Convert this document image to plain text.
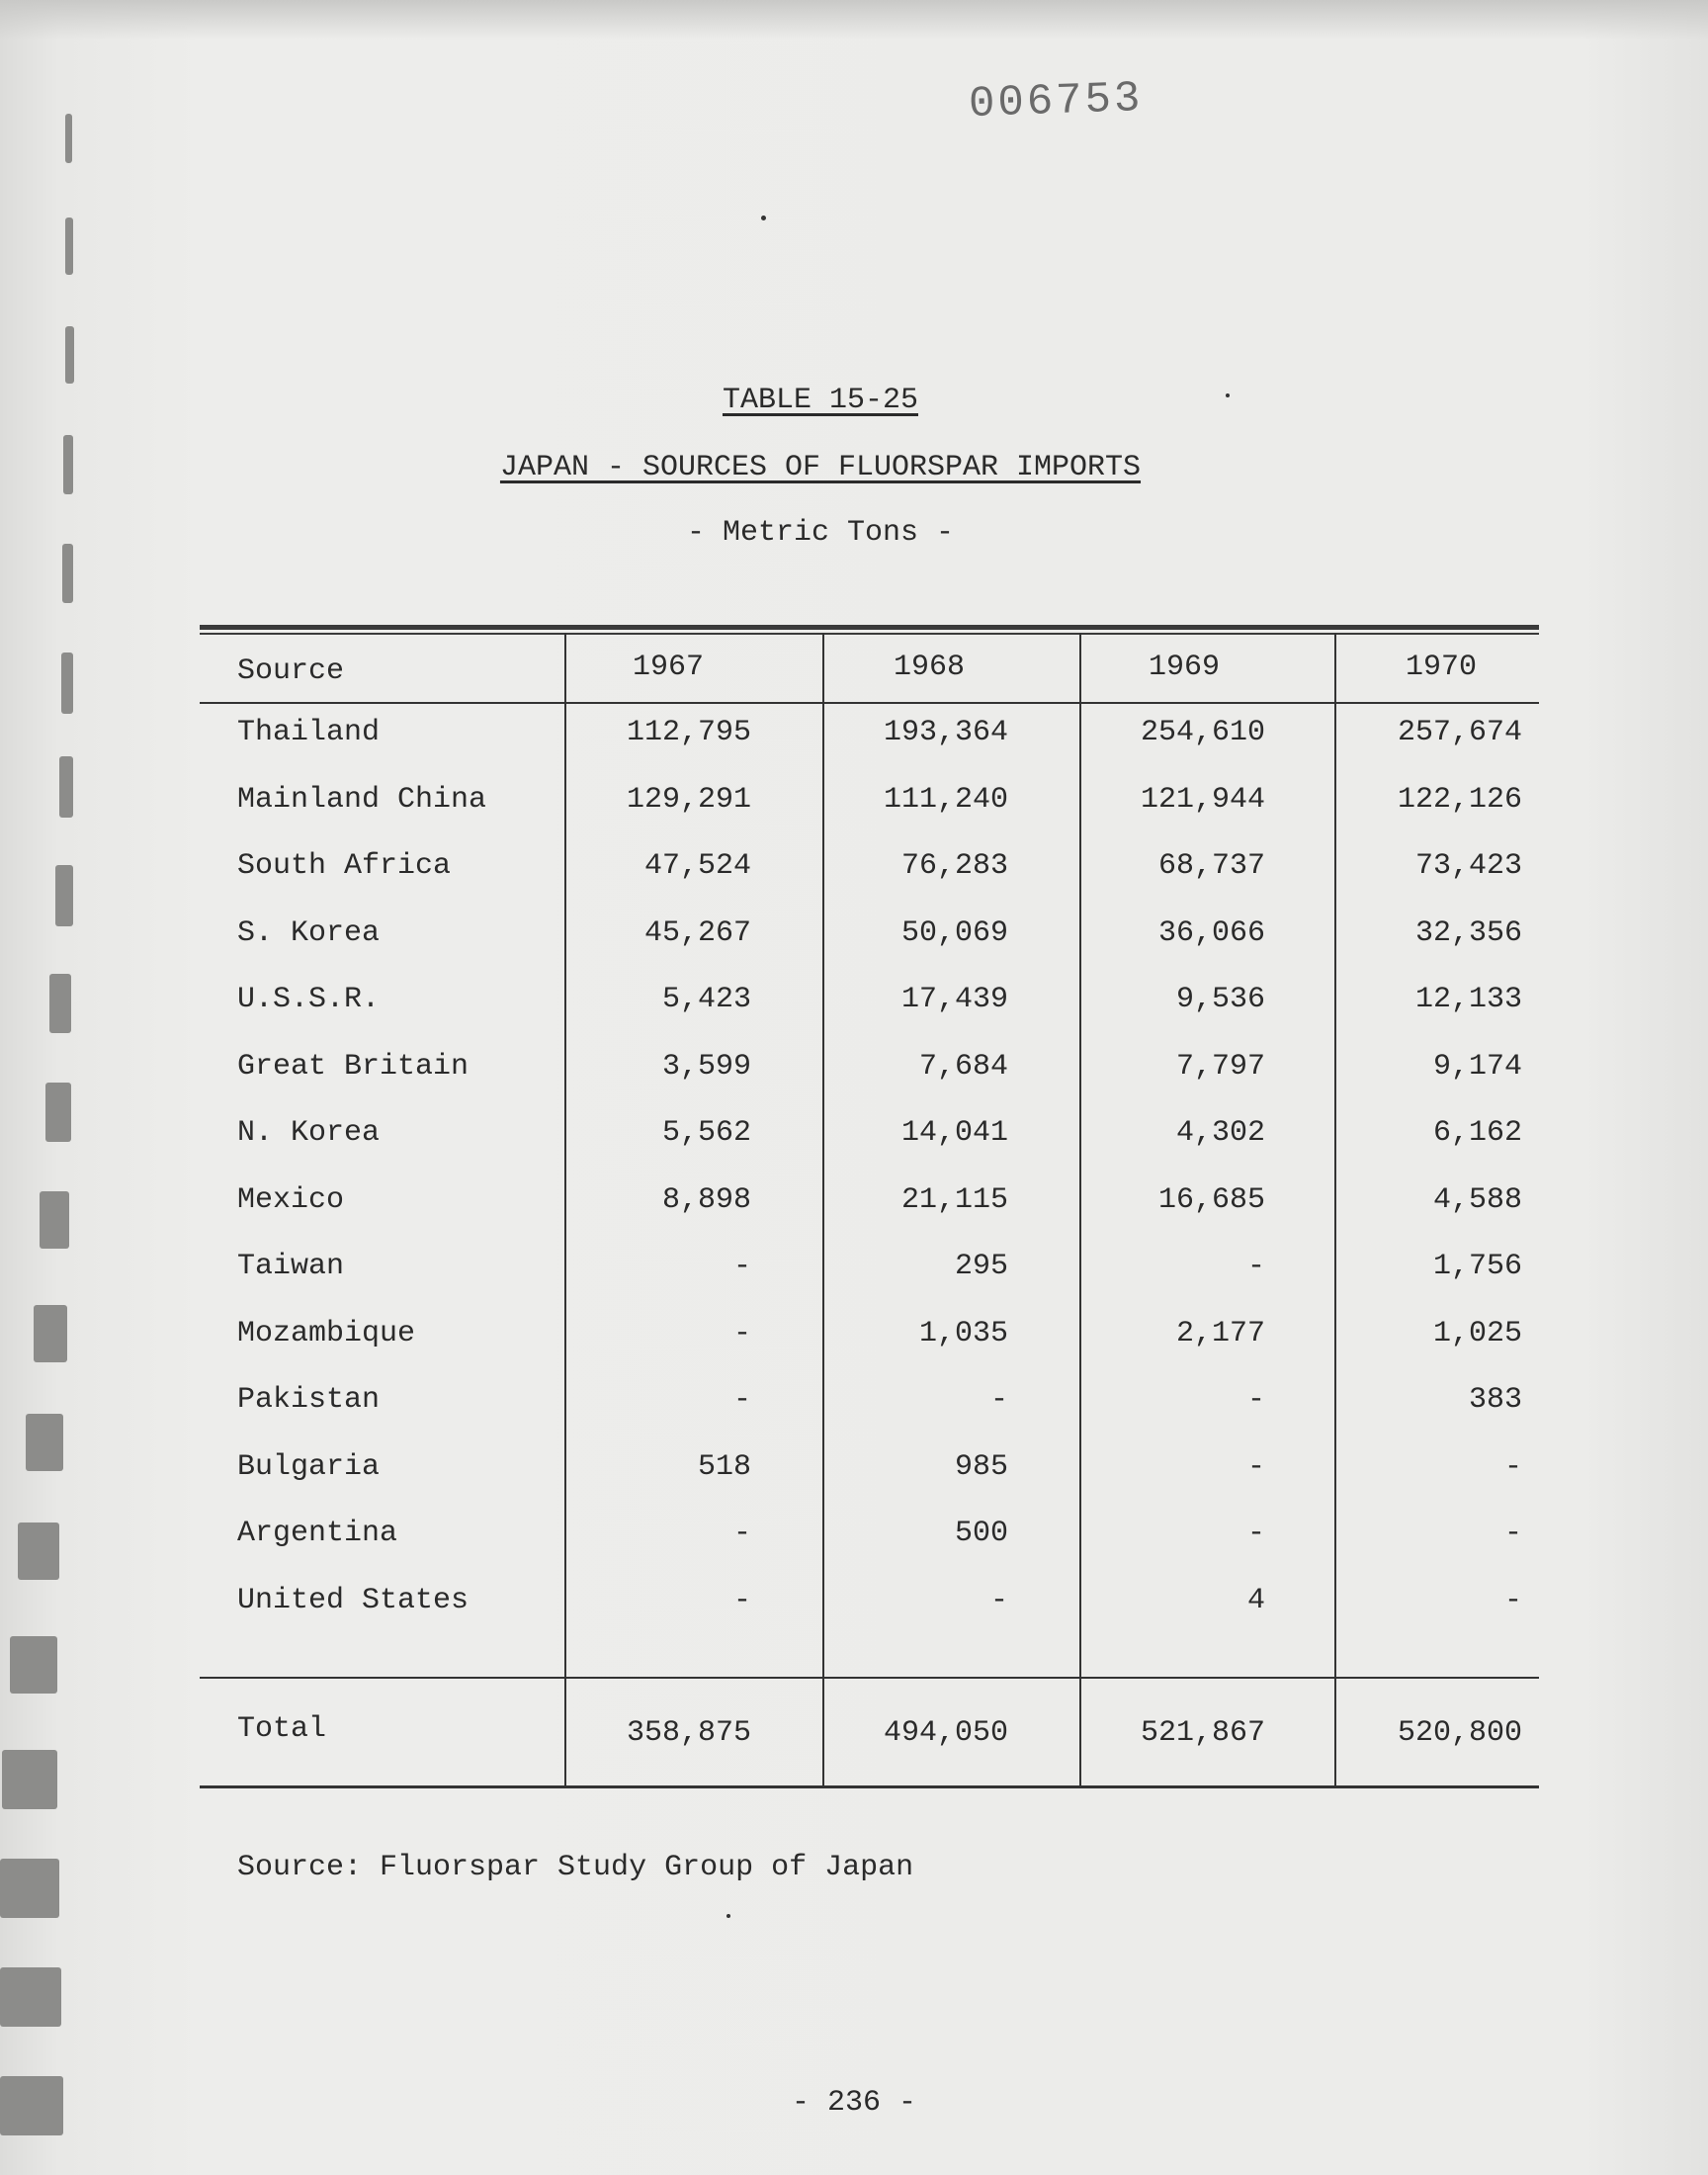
006753
TABLE 15-25
JAPAN - SOURCES OF FLUORSPAR IMPORTS
- Metric Tons -
Source	1967	1968	1969	1970
Thailand	112,795	193,364	254,610	257,674
Mainland China	129,291	111,240	121,944	122,126
South Africa	47,524	76,283	68,737	73,423
S. Korea	45,267	50,069	36,066	32,356
U.S.S.R.	5,423	17,439	9,536	12,133
Great Britain	3,599	7,684	7,797	9,174
N. Korea	5,562	14,041	4,302	6,162
Mexico	8,898	21,115	16,685	4,588
Taiwan	-	295	-	1,756
Mozambique	-	1,035	2,177	1,025
Pakistan	-	-	-	383
Bulgaria	518	985	-	-
Argentina	-	500	-	-
United States	-	-	4	-
Total	358,875	494,050	521,867	520,800
Source: Fluorspar Study Group of Japan
- 236 -
